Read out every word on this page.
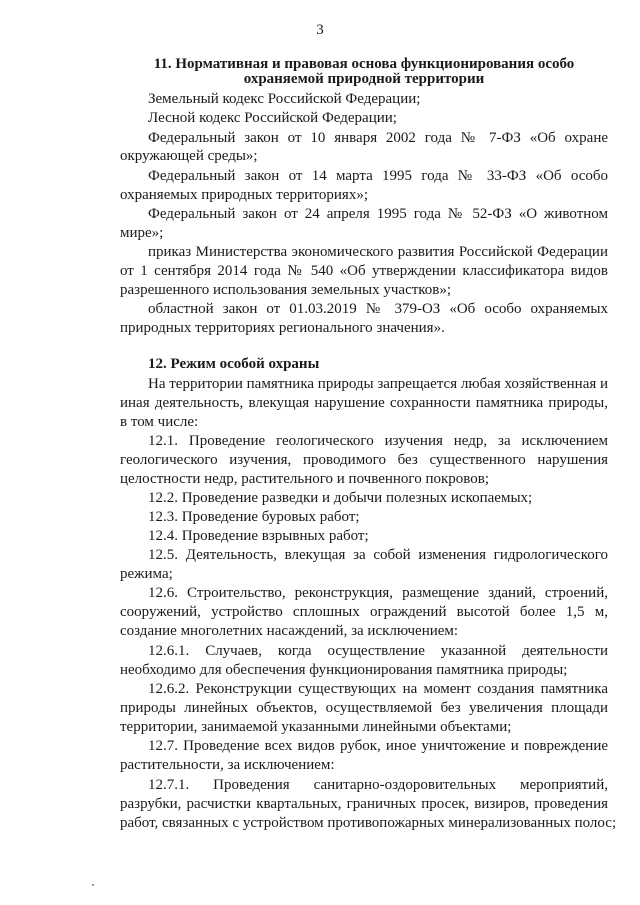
3
11. Нормативная и правовая основа функционирования особо
охраняемой природной территории
Земельный кодекс Российской Федерации;
Лесной кодекс Российской Федерации;
Федеральный закон от 10 января 2002 года № 7-ФЗ «Об охране
окружающей среды»;
Федеральный закон от 14 марта 1995 года № 33-ФЗ «Об особо
охраняемых природных территориях»;
Федеральный закон от 24 апреля 1995 года № 52-ФЗ «О животном
мире»;
приказ Министерства экономического развития Российской Федерации
от 1 сентября 2014 года № 540 «Об утверждении классификатора видов
разрешенного использования земельных участков»;
областной закон от 01.03.2019 № 379-ОЗ «Об особо охраняемых
природных территориях регионального значения».
12. Режим особой охраны
На территории памятника природы запрещается любая хозяйственная и
иная деятельность, влекущая нарушение сохранности памятника природы,
в том числе:
12.1. Проведение геологического изучения недр, за исключением
геологического изучения, проводимого без существенного нарушения
целостности недр, растительного и почвенного покровов;
12.2. Проведение разведки и добычи полезных ископаемых;
12.3. Проведение буровых работ;
12.4. Проведение взрывных работ;
12.5. Деятельность, влекущая за собой изменения гидрологического
режима;
12.6. Строительство, реконструкция, размещение зданий, строений,
сооружений, устройство сплошных ограждений высотой более 1,5 м,
создание многолетних насаждений, за исключением:
12.6.1. Случаев, когда осуществление указанной деятельности
необходимо для обеспечения функционирования памятника природы;
12.6.2. Реконструкции существующих на момент создания памятника
природы линейных объектов, осуществляемой без увеличения площади
территории, занимаемой указанными линейными объектами;
12.7. Проведение всех видов рубок, иное уничтожение и повреждение
растительности, за исключением:
12.7.1. Проведения санитарно-оздоровительных мероприятий,
разрубки, расчистки квартальных, граничных просек, визиров, проведения
работ, связанных с устройством противопожарных минерализованных полос;
